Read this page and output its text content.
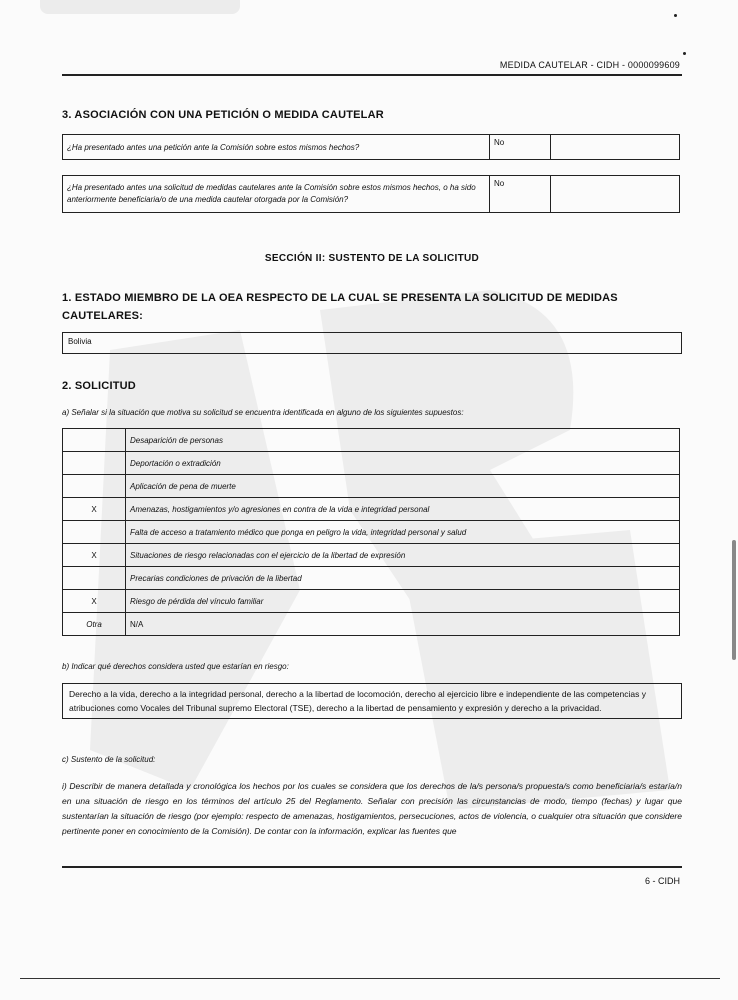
MEDIDA CAUTELAR - CIDH - 0000099609
3. ASOCIACIÓN CON UNA PETICIÓN O MEDIDA CAUTELAR
¿Ha presentado antes una petición ante la Comisión sobre estos mismos hechos?	No	
¿Ha presentado antes una solicitud de medidas cautelares ante la Comisión sobre estos mismos hechos, o ha sido anteriormente beneficiaria/o de una medida cautelar otorgada por la Comisión?	No	
SECCIÓN II: SUSTENTO DE LA SOLICITUD
1. ESTADO MIEMBRO DE LA OEA RESPECTO DE LA CUAL SE PRESENTA LA SOLICITUD DE MEDIDAS CAUTELARES:
Bolivia
2. SOLICITUD
a) Señalar si la situación que motiva su solicitud se encuentra identificada en alguno de los siguientes supuestos:
	Desaparición de personas
	Deportación o extradición
	Aplicación de pena de muerte
X	Amenazas, hostigamientos y/o agresiones en contra de la vida e integridad personal
	Falta de acceso a tratamiento médico que ponga en peligro la vida, integridad personal y salud
X	Situaciones de riesgo relacionadas con el ejercicio de la libertad de expresión
	Precarias condiciones de privación de la libertad
X	Riesgo de pérdida del vínculo familiar
Otra	N/A
b) Indicar qué derechos considera usted que estarían en riesgo:
Derecho a la vida, derecho a la integridad personal, derecho a la libertad de locomoción, derecho al ejercicio libre e independiente de las competencias y atribuciones como Vocales del Tribunal supremo Electoral (TSE), derecho a la libertad de pensamiento y expresión y derecho a la privacidad.
c) Sustento de la solicitud:
i) Describir de manera detallada y cronológica los hechos por los cuales se considera que los derechos de la/s persona/s propuesta/s como beneficiaria/s estaría/n en una situación de riesgo en los términos del artículo 25 del Reglamento. Señalar con precisión las circunstancias de modo, tiempo (fechas) y lugar que sustentarían la situación de riesgo (por ejemplo: respecto de amenazas, hostigamientos, persecuciones, actos de violencia, o cualquier otra situación que considere pertinente poner en conocimiento de la Comisión). De contar con la información, explicar las fuentes que
6 - CIDH
